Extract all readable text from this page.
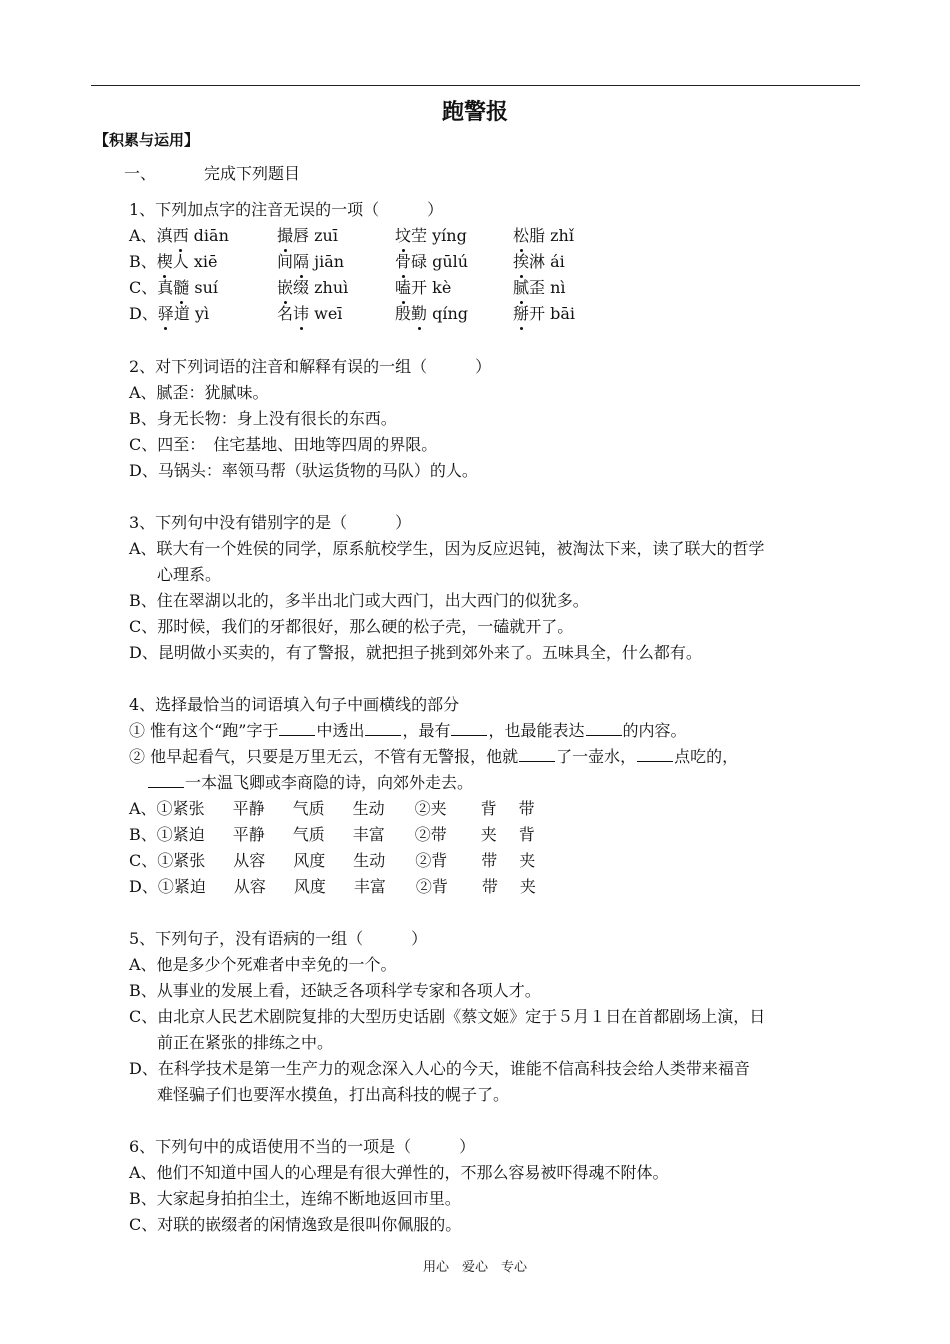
跑警报
【积累与运用】
一、	完成下列题目
1、下列加点字的注音无误的一项（　　　）
A、滇西 diān	撮唇 zuī	坟茔 yíng	松脂 zhǐ
B、楔人 xiē	间隔 jiān	骨碌 gūlú	挨淋 ái
C、真髓 suí	嵌缀 zhuì	嗑开 kè	腻歪 nì
D、驿道 yì	名讳 weī	殷勤 qíng	掰开 bāi
2、对下列词语的注音和解释有误的一组（　　　）
A、腻歪：犹腻味。
B、身无长物：身上没有很长的东西。
C、四至：　住宅基地、田地等四周的界限。
D、马锅头：率领马帮（驮运货物的马队）的人。
3、下列句中没有错别字的是（　　　）
A、联大有一个姓侯的同学，原系航校学生，因为反应迟钝，被淘汰下来，读了联大的哲学
心理系。
B、住在翠湖以北的，多半出北门或大西门，出大西门的似犹多。
C、那时候，我们的牙都很好，那么硬的松子壳，一磕就开了。
D、昆明做小买卖的，有了警报，就把担子挑到郊外来了。五味具全，什么都有。
4、选择最恰当的词语填入句子中画横线的部分
① 惟有这个“跑”字于 中透出 ，最有 ，也最能表达 的内容。
② 他早起看气，只要是万里无云，不管有无警报，他就 了一壶水， 点吃的，
一本温飞卿或李商隐的诗，向郊外走去。
A、①紧张 平静 气质 生动 ②夹 背 带
B、①紧迫 平静 气质 丰富 ②带 夹 背
C、①紧张 从容 风度 生动 ②背 带 夹
D、①紧迫 从容 风度 丰富 ②背 带 夹
5、下列句子，没有语病的一组（　　　）
A、他是多少个死难者中幸免的一个。
B、从事业的发展上看，还缺乏各项科学专家和各项人才。
C、由北京人民艺术剧院复排的大型历史话剧《蔡文姬》定于５月１日在首都剧场上演，日
前正在紧张的排练之中。
D、在科学技术是第一生产力的观念深入人心的今天，谁能不信高科技会给人类带来福音
难怪骗子们也要浑水摸鱼，打出高科技的幌子了。
6、下列句中的成语使用不当的一项是（　　　）
A、他们不知道中国人的心理是有很大弹性的，不那么容易被吓得魂不附体。
B、大家起身拍拍尘土，连绵不断地返回市里。
C、对联的嵌缀者的闲情逸致是很叫你佩服的。
用心　爱心　专心
